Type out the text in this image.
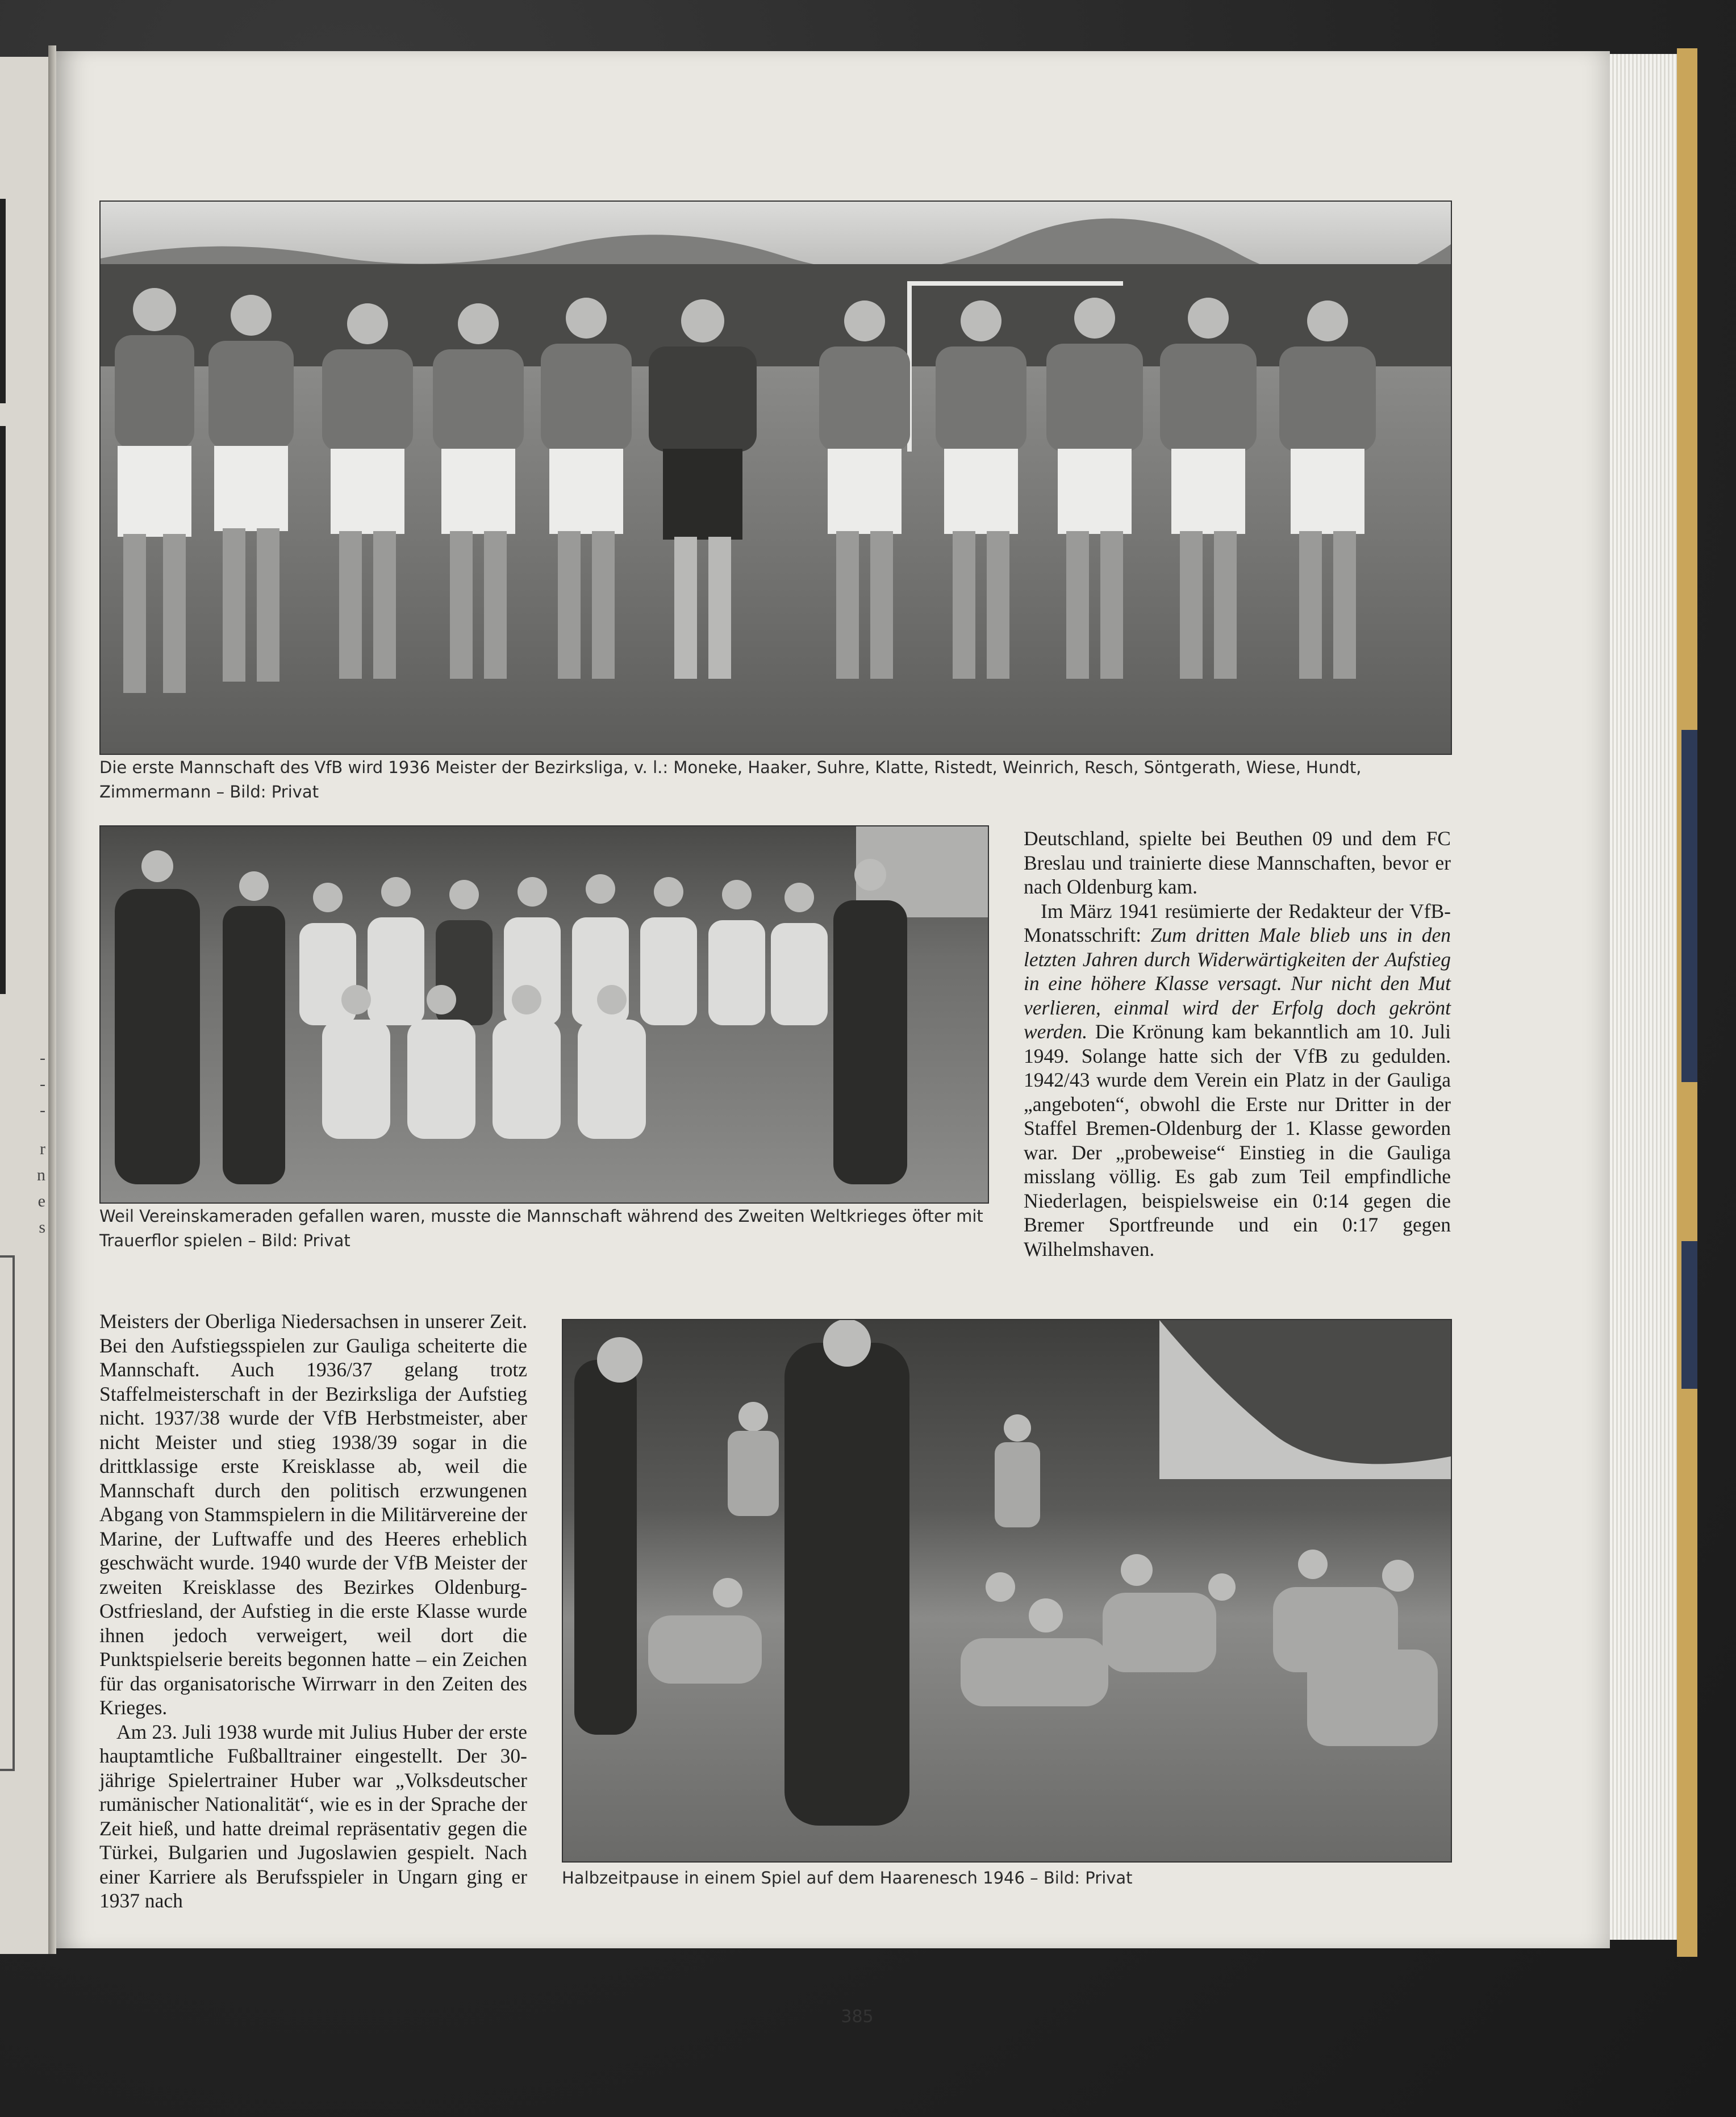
-
-
-
r
n
e
s
Die erste Mannschaft des VfB wird 1936 Meister der Bezirksliga, v. l.: Moneke, Haaker, Suhre, Klatte, Ristedt, Weinrich, Resch, Söntgerath, Wiese, Hundt, Zimmermann – Bild: Privat
Weil Vereinskameraden gefallen waren, musste die Mannschaft während des Zweiten Weltkrieges öfter mit Trauerflor spielen – Bild: Privat

Deutschland, spielte bei Beuthen 09 und dem FC Breslau und trainierte diese Mannschaften, bevor er nach Oldenburg kam.

Im März 1941 resümierte der Redakteur der VfB-Monatsschrift: Zum dritten Male blieb uns in den letzten Jahren durch Widerwärtigkeiten der Aufstieg in eine höhere Klasse versagt. Nur nicht den Mut verlieren, einmal wird der Erfolg doch gekrönt werden. Die Krönung kam bekanntlich am 10. Juli 1949. Solange hatte sich der VfB zu gedulden. 1942/43 wurde dem Verein ein Platz in der Gauliga „angeboten“, obwohl die Erste nur Dritter in der Staffel Bremen-Oldenburg der 1. Klasse geworden war. Der „probeweise“ Einstieg in die Gauliga misslang völlig. Es gab zum Teil empfindliche Niederlagen, beispielsweise ein 0:14 gegen die Bremer Sportfreunde und ein 0:17 gegen Wilhelmshaven.

Meisters der Oberliga Niedersachsen in unserer Zeit. Bei den Aufstiegsspielen zur Gauliga scheiterte die Mannschaft. Auch 1936/37 gelang trotz Staffelmeisterschaft in der Bezirksliga der Aufstieg nicht. 1937/38 wurde der VfB Herbstmeister, aber nicht Meister und stieg 1938/39 sogar in die drittklassige erste Kreisklasse ab, weil die Mannschaft durch den politisch erzwungenen Abgang von Stammspielern in die Militärvereine der Marine, der Luftwaffe und des Heeres erheblich geschwächt wurde. 1940 wurde der VfB Meister der zweiten Kreisklasse des Bezirkes Oldenburg-Ostfriesland, der Aufstieg in die erste Klasse wurde ihnen jedoch verweigert, weil dort die Punktspielserie bereits begonnen hatte – ein Zeichen für das organisatorische Wirrwarr in den Zeiten des Krieges.

Am 23. Juli 1938 wurde mit Julius Huber der erste hauptamtliche Fußballtrainer eingestellt. Der 30-jährige Spielertrainer Huber war „Volksdeutscher rumänischer Nationalität“, wie es in der Sprache der Zeit hieß, und hatte dreimal repräsentativ gegen die Türkei, Bulgarien und Jugoslawien gespielt. Nach einer Karriere als Berufsspieler in Ungarn ging er 1937 nach

Halbzeitpause in einem Spiel auf dem Haarenesch 1946 – Bild: Privat
385
